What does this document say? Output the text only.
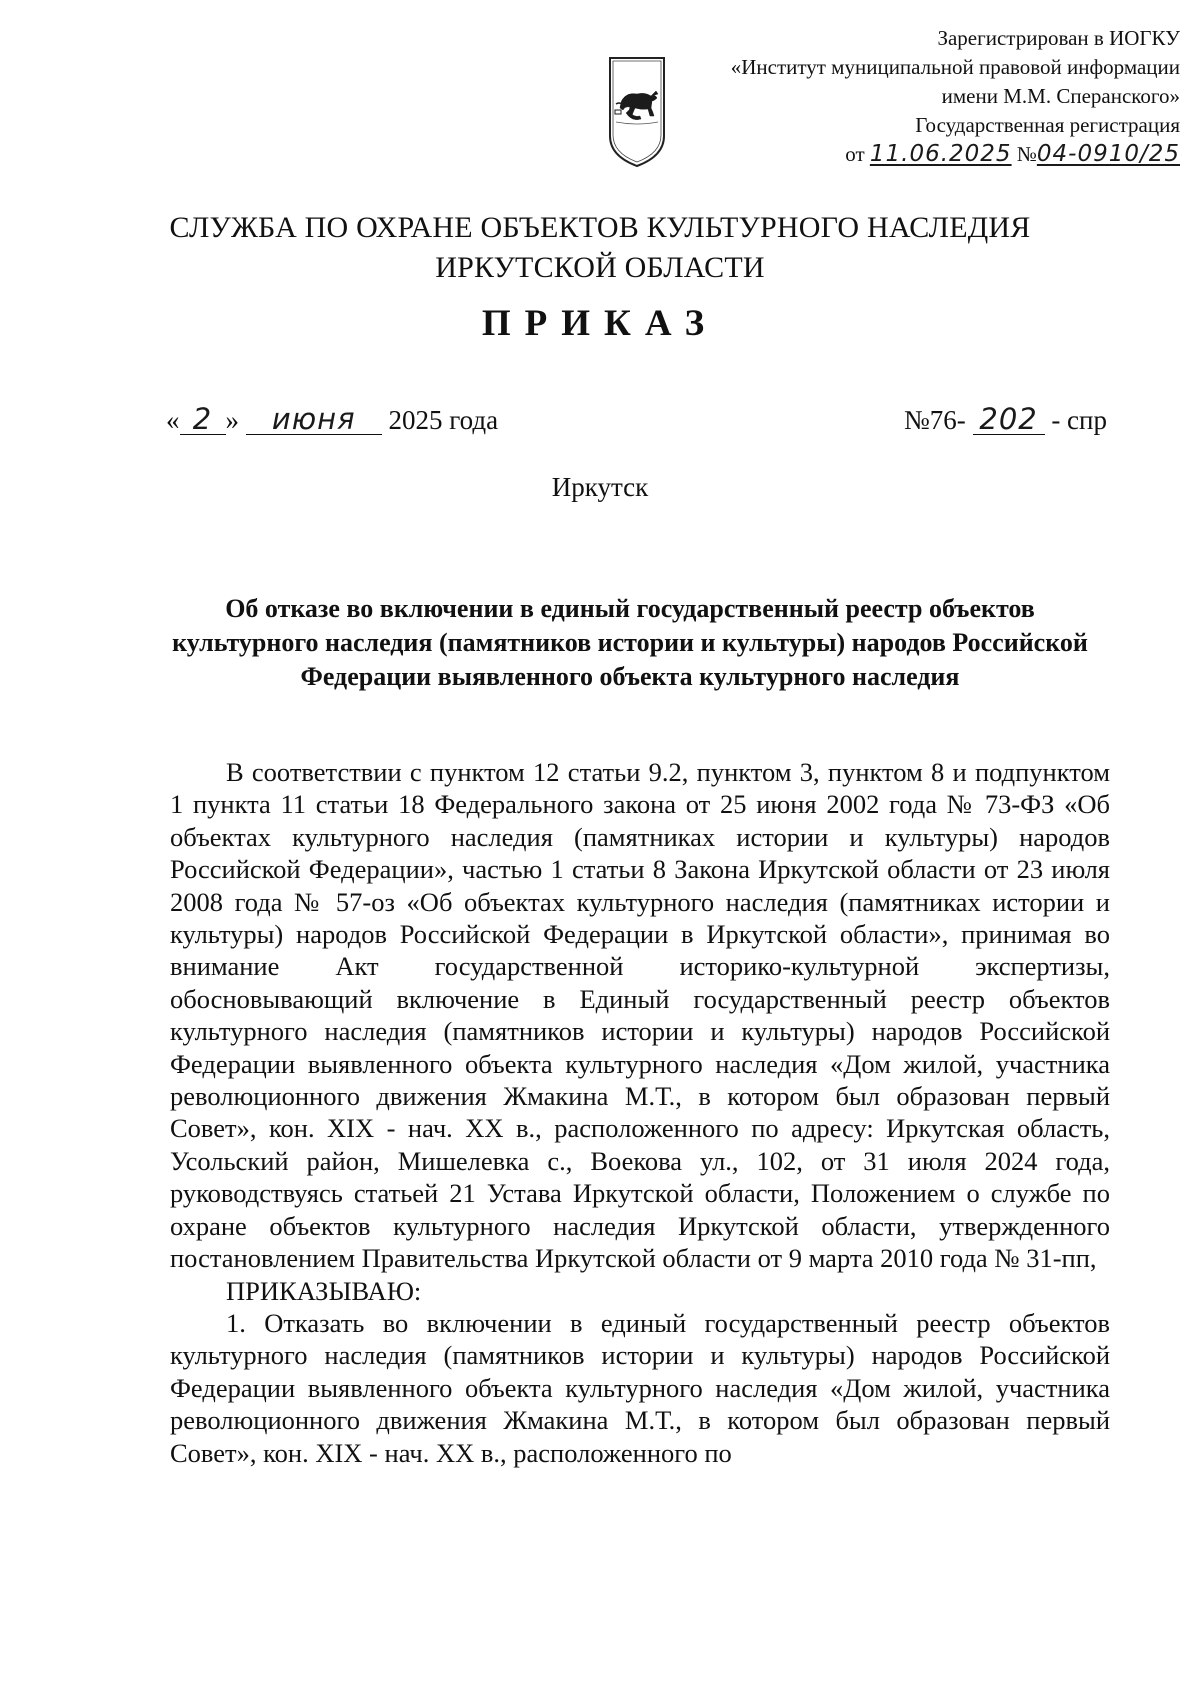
Зарегистрирован в ИОГКУ
«Институт муниципальной правовой информации
имени М.М. Сперанского»
Государственная регистрация
от 11.06.2025 №04-0910/25
СЛУЖБА ПО ОХРАНЕ ОБЪЕКТОВ КУЛЬТУРНОГО НАСЛЕДИЯ
ИРКУТСКОЙ ОБЛАСТИ
ПРИКАЗ
« 2 » июня 2025 года	№76- 202 - спр
Иркутск
Об отказе во включении в единый государственный реестр объектов культурного наследия (памятников истории и культуры) народов Российской Федерации выявленного объекта культурного наследия

В соответствии с пунктом 12 статьи 9.2, пунктом 3, пунктом 8 и подпунктом 1 пункта 11 статьи 18 Федерального закона от 25 июня 2002 года № 73-ФЗ «Об объектах культурного наследия (памятниках истории и культуры) народов Российской Федерации», частью 1 статьи 8 Закона Иркутской области от 23 июля 2008 года № 57-оз «Об объектах культурного наследия (памятниках истории и культуры) народов Российской Федерации в Иркутской области», принимая во внимание Акт государственной историко-культурной экспертизы, обосновывающий включение в Единый государственный реестр объектов культурного наследия (памятников истории и культуры) народов Российской Федерации выявленного объекта культурного наследия «Дом жилой, участника революционного движения Жмакина М.Т., в котором был образован первый Совет», кон. XIX - нач. XX в., расположенного по адресу: Иркутская область, Усольский район, Мишелевка с., Воекова ул., 102, от 31 июля 2024 года, руководствуясь статьей 21 Устава Иркутской области, Положением о службе по охране объектов культурного наследия Иркутской области, утвержденного постановлением Правительства Иркутской области от 9 марта 2010 года № 31-пп,

ПРИКАЗЫВАЮ:

1. Отказать во включении в единый государственный реестр объектов культурного наследия (памятников истории и культуры) народов Российской Федерации выявленного объекта культурного наследия «Дом жилой, участника революционного движения Жмакина М.Т., в котором был образован первый Совет», кон. XIX - нач. XX в., расположенного по
